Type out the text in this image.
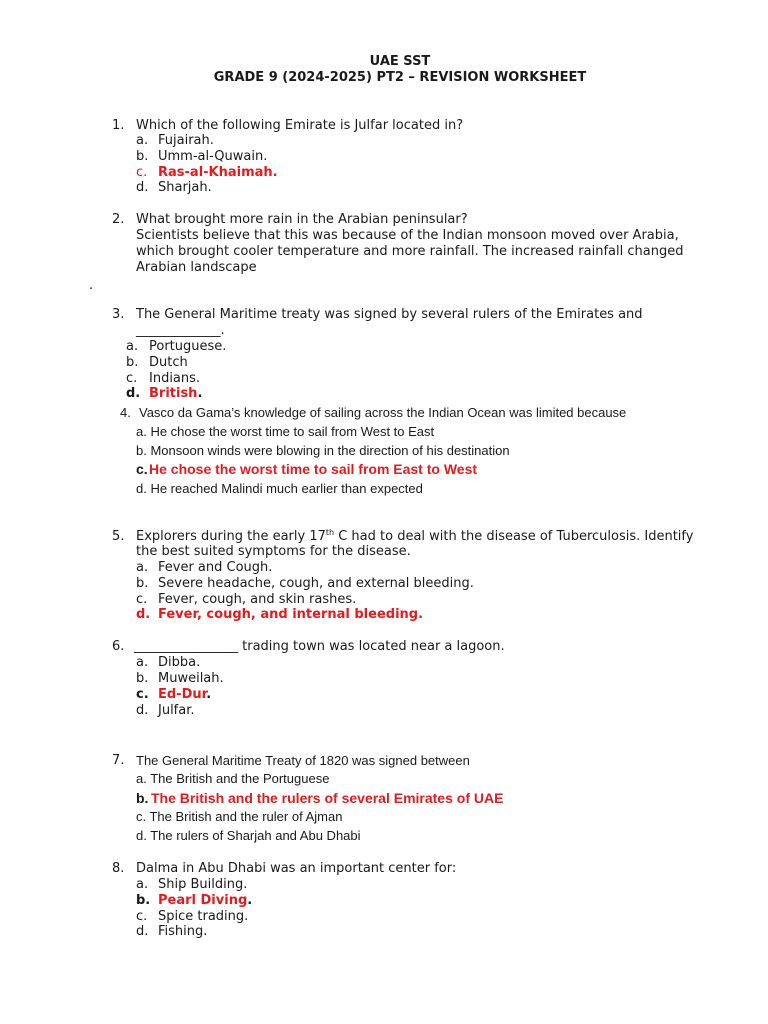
UAE SST
GRADE 9 (2024-2025) PT2 – REVISION WORKSHEET
1. Which of the following Emirate is Julfar located in?
a. Fujairah.
b. Umm-al-Quwain.
c. Ras-al-Khaimah.
d. Sharjah.
2. What brought more rain in the Arabian peninsular?
Scientists believe that this was because of the Indian monsoon moved over Arabia,
which brought cooler temperature and more rainfall. The increased rainfall changed
Arabian landscape
.
3. The General Maritime treaty was signed by several rulers of the Emirates and
_____________.
a. Portuguese.
b. Dutch
c. Indians.
d. British.
4. Vasco da Gama’s knowledge of sailing across the Indian Ocean was limited because
a. He chose the worst time to sail from West to East
b. Monsoon winds were blowing in the direction of his destination
c. He chose the worst time to sail from East to West
d. He reached Malindi much earlier than expected
5. Explorers during the early 17th C had to deal with the disease of Tuberculosis. Identify
the best suited symptoms for the disease.
a. Fever and Cough.
b. Severe headache, cough, and external bleeding.
c. Fever, cough, and skin rashes.
d. Fever, cough, and internal bleeding.
6. ________________ trading town was located near a lagoon.
a. Dibba.
b. Muweilah.
c. Ed-Dur.
d. Julfar.
7. The General Maritime Treaty of 1820 was signed between
a. The British and the Portuguese
b. The British and the rulers of several Emirates of UAE
c. The British and the ruler of Ajman
d. The rulers of Sharjah and Abu Dhabi
8. Dalma in Abu Dhabi was an important center for:
a. Ship Building.
b. Pearl Diving.
c. Spice trading.
d. Fishing.
